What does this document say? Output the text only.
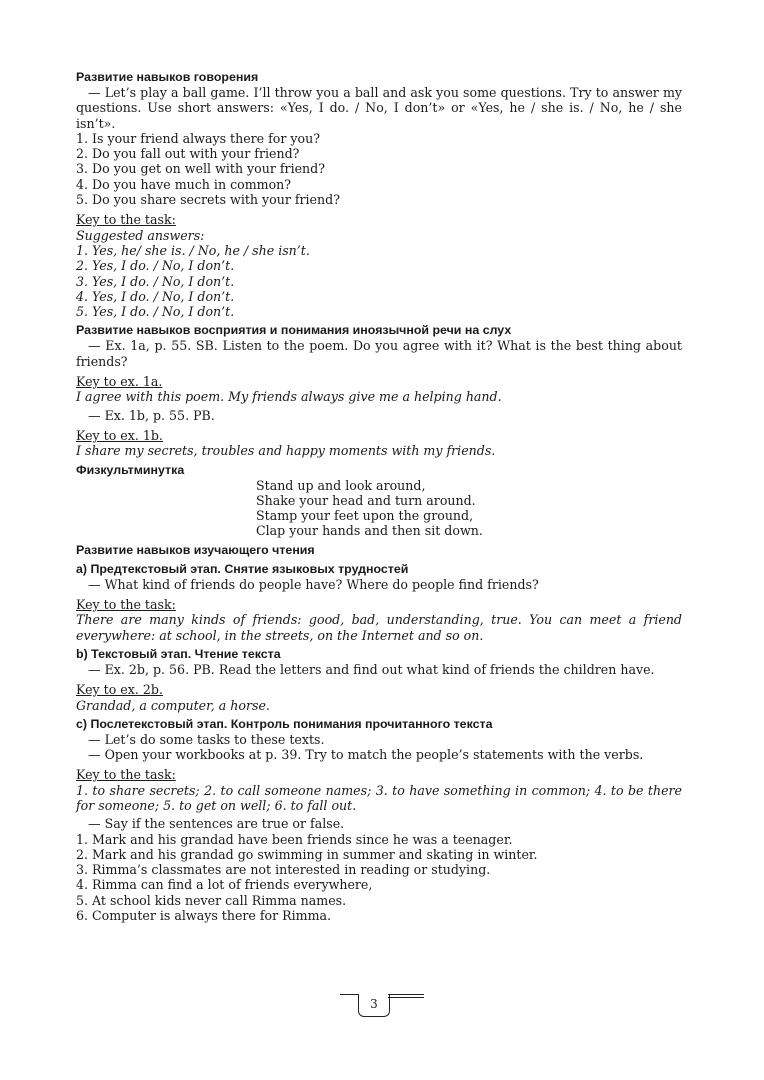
Развитие навыков говорения

— Let’s play a ball game. I’ll throw you a ball and ask you some questions. Try to answer my questions. Use short answers: «Yes, I do. / No, I don’t» or «Yes, he / she is. / No, he / she isn’t».

1. Is your friend always there for you?

2. Do you fall out with your friend?

3. Do you get on well with your friend?

4. Do you have much in common?

5. Do you share secrets with your friend?

Key to the task:

Suggested answers:

1. Yes, he/ she is. / No, he / she isn’t.

2. Yes, I do. / No, I don’t.

3. Yes, I do. / No, I don’t.

4. Yes, I do. / No, I don’t.

5. Yes, I do. / No, I don’t.

Развитие навыков восприятия и понимания иноязычной речи на слух

— Ex. 1a, p. 55. SB. Listen to the poem. Do you agree with it? What is the best thing about friends?

Key to ex. 1a.

I agree with this poem. My friends always give me a helping hand.

— Ex. 1b, p. 55. PB.

Key to ex. 1b.

I share my secrets, troubles and happy moments with my friends.

Физкультминутка

Stand up and look around,

Shake your head and turn around.

Stamp your feet upon the ground,

Clap your hands and then sit down.

Развитие навыков изучающего чтения
а) Предтекстовый этап. Снятие языковых трудностей

— What kind of friends do people have? Where do people find friends?

Key to the task:

There are many kinds of friends: good, bad, understanding, true. You can meet a friend everywhere: at school, in the streets, on the Internet and so on.

b) Текстовый этап. Чтение текста

— Ex. 2b, p. 56. PB. Read the letters and find out what kind of friends the children have.

Key to ex. 2b.

Grandad, a computer, a horse.

c) Послетекстовый этап. Контроль понимания прочитанного текста

— Let’s do some tasks to these texts.

— Open your workbooks at p. 39. Try to match the people’s statements with the verbs.

Key to the task:

1. to share secrets; 2. to call someone names; 3. to have something in common; 4. to be there for someone; 5. to get on well; 6. to fall out.

— Say if the sentences are true or false.

1. Mark and his grandad have been friends since he was a teenager.

2. Mark and his grandad go swimming in summer and skating in winter.

3. Rimma’s classmates are not interested in reading or studying.

4. Rimma can find a lot of friends everywhere,

5. At school kids never call Rimma names.

6. Computer is always there for Rimma.

3
